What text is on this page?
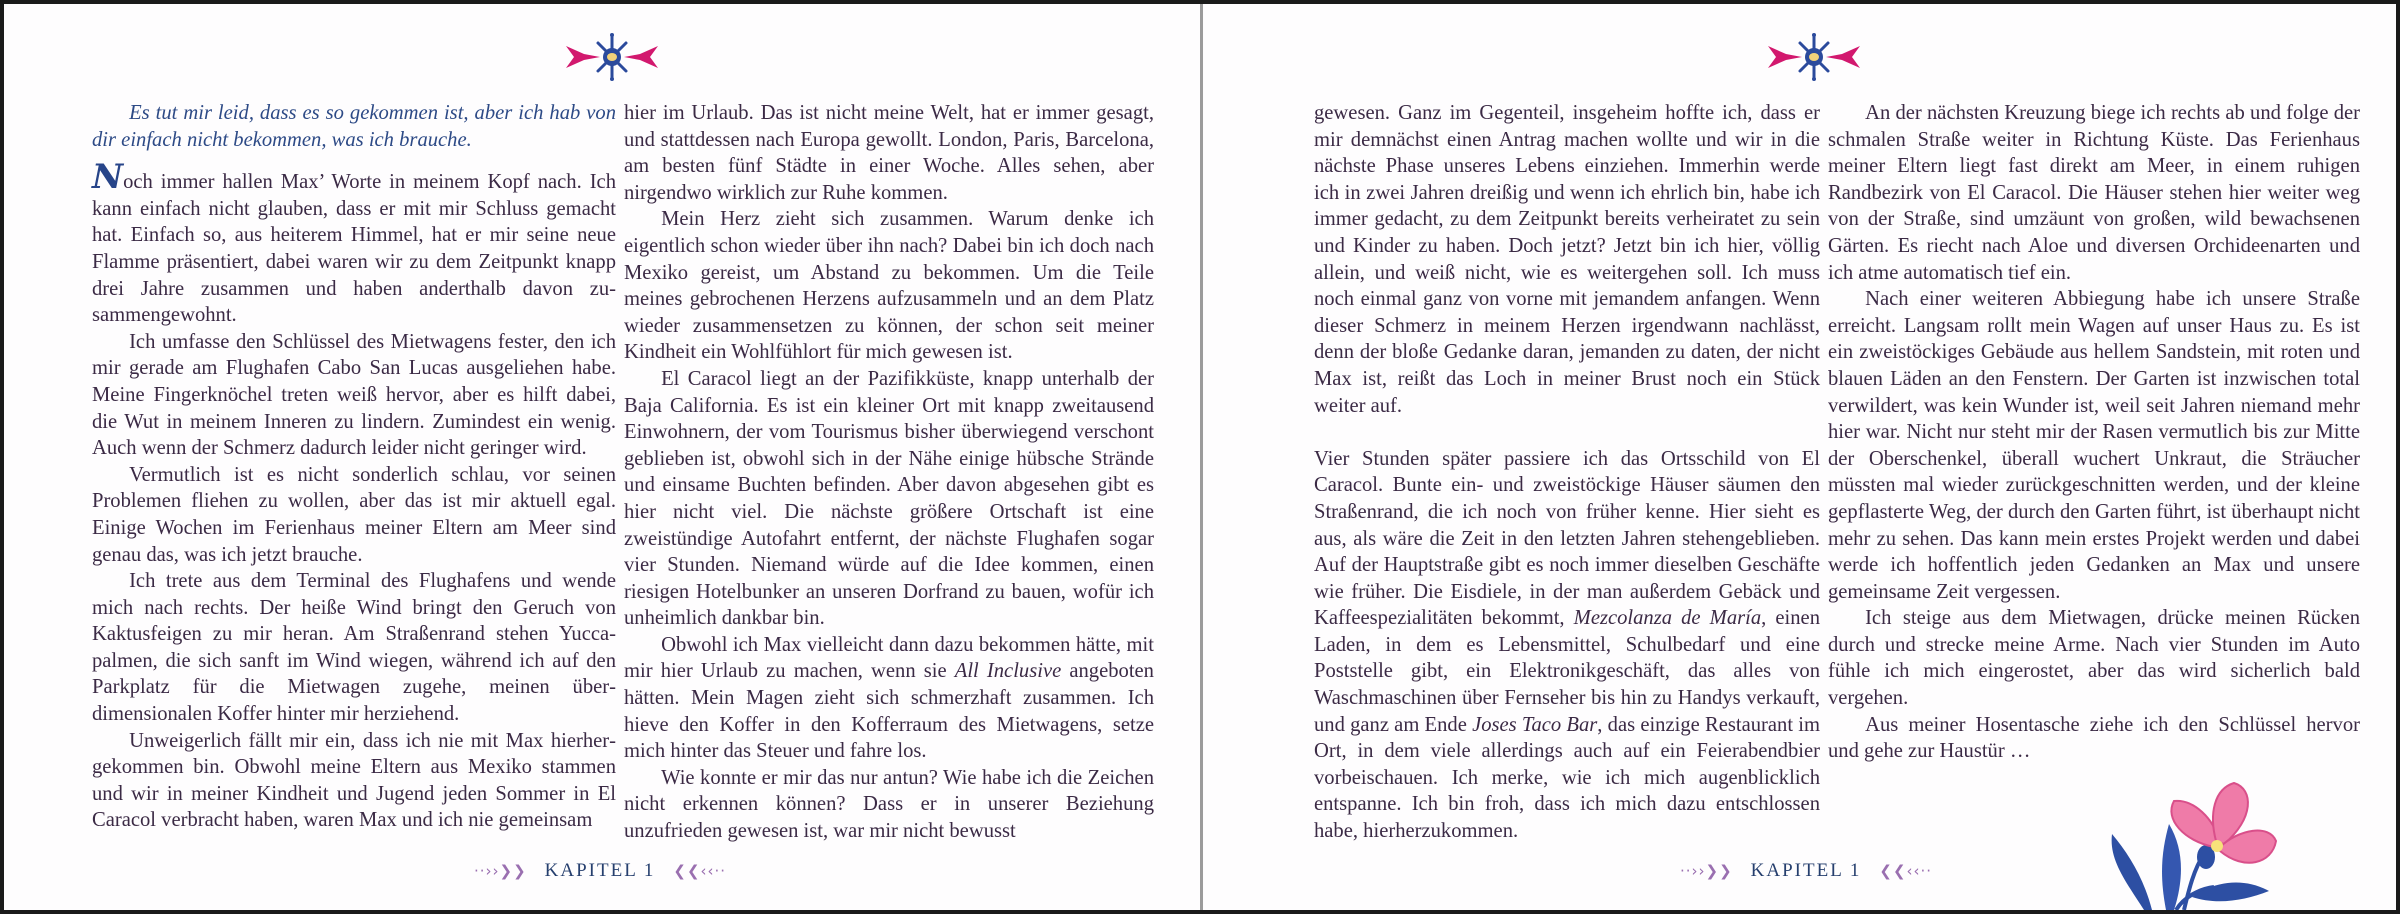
Es tut mir leid, dass es so gekommen ist, aber ich hab von dir einfach nicht bekommen, was ich brauche.

Noch immer hallen Max’ Worte in meinem Kopf nach. Ich kann einfach nicht glauben, dass er mit mir Schluss gemacht hat. Einfach so, aus heiterem Himmel, hat er mir seine neue Flamme präsentiert, dabei waren wir zu dem Zeitpunkt knapp drei Jahre zusammen und haben anderthalb davon zusammengewohnt.

Ich umfasse den Schlüssel des Mietwagens fester, den ich mir gerade am Flughafen Cabo San Lucas ausgeliehen habe. Meine Fingerknöchel treten weiß hervor, aber es hilft dabei, die Wut in meinem Inneren zu lindern. Zumindest ein wenig. Auch wenn der Schmerz dadurch leider nicht geringer wird.

Vermutlich ist es nicht sonderlich schlau, vor seinen Problemen fliehen zu wollen, aber das ist mir aktuell egal. Einige Wochen im Ferienhaus meiner Eltern am Meer sind genau das, was ich jetzt brauche.

Ich trete aus dem Terminal des Flughafens und wende mich nach rechts. Der heiße Wind bringt den Geruch von Kaktusfeigen zu mir heran. Am Straßenrand stehen Yuccapalmen, die sich sanft im Wind wiegen, während ich auf den Parkplatz für die Mietwagen zugehe, meinen überdimensionalen Koffer hinter mir herziehend.

Unweigerlich fällt mir ein, dass ich nie mit Max hierhergekommen bin. Obwohl meine Eltern aus Mexiko stammen und wir in meiner Kindheit und Jugend jeden Sommer in El Caracol verbracht haben, waren Max und ich nie gemeinsam

hier im Urlaub. Das ist nicht meine Welt, hat er immer gesagt, und stattdessen nach Europa gewollt. London, Paris, Barcelona, am besten fünf Städte in einer Woche. Alles sehen, aber nirgendwo wirklich zur Ruhe kommen.

Mein Herz zieht sich zusammen. Warum denke ich eigentlich schon wieder über ihn nach? Dabei bin ich doch nach Mexiko gereist, um Abstand zu bekommen. Um die Teile meines gebrochenen Herzens aufzusammeln und an dem Platz wieder zusammensetzen zu können, der schon seit meiner Kindheit ein Wohlfühlort für mich gewesen ist.

El Caracol liegt an der Pazifikküste, knapp unterhalb der Baja California. Es ist ein kleiner Ort mit knapp zweitausend Einwohnern, der vom Tourismus bisher überwiegend verschont geblieben ist, obwohl sich in der Nähe einige hübsche Strände und einsame Buchten befinden. Aber davon abgesehen gibt es hier nicht viel. Die nächste größere Ortschaft ist eine zweistündige Autofahrt entfernt, der nächste Flughafen sogar vier Stunden. Niemand würde auf die Idee kommen, einen riesigen Hotelbunker an unseren Dorfrand zu bauen, wofür ich unheimlich dankbar bin.

Obwohl ich Max vielleicht dann dazu bekommen hätte, mit mir hier Urlaub zu machen, wenn sie All Inclusive angeboten hätten. Mein Magen zieht sich schmerzhaft zusammen. Ich hieve den Koffer in den Kofferraum des Mietwagens, setze mich hinter das Steuer und fahre los.

Wie konnte er mir das nur antun? Wie habe ich die Zeichen nicht erkennen können? Dass er in unserer Beziehung unzufrieden gewesen ist, war mir nicht bewusst

··››❯❯ KAPITEL 1 ❮❮‹‹··

gewesen. Ganz im Gegenteil, insgeheim hoffte ich, dass er mir demnächst einen Antrag machen wollte und wir in die nächste Phase unseres Lebens einziehen. Immerhin werde ich in zwei Jahren dreißig und wenn ich ehrlich bin, habe ich immer gedacht, zu dem Zeitpunkt bereits verheiratet zu sein und Kinder zu haben. Doch jetzt? Jetzt bin ich hier, völlig allein, und weiß nicht, wie es weitergehen soll. Ich muss noch einmal ganz von vorne mit jemandem anfangen. Wenn dieser Schmerz in meinem Herzen irgendwann nachlässt, denn der bloße Gedanke daran, jemanden zu daten, der nicht Max ist, reißt das Loch in meiner Brust noch ein Stück weiter auf.

Vier Stunden später passiere ich das Ortsschild von El Caracol. Bunte ein- und zweistöckige Häuser säumen den Straßenrand, die ich noch von früher kenne. Hier sieht es aus, als wäre die Zeit in den letzten Jahren stehengeblieben. Auf der Hauptstraße gibt es noch immer dieselben Geschäfte wie früher. Die Eisdiele, in der man außerdem Gebäck und Kaffeespezialitäten bekommt, Mezcolanza de María, einen Laden, in dem es Lebensmittel, Schulbedarf und eine Poststelle gibt, ein Elektronikgeschäft, das alles von Waschmaschinen über Fernseher bis hin zu Handys verkauft, und ganz am Ende Joses Taco Bar, das einzige Restaurant im Ort, in dem viele allerdings auch auf ein Feierabendbier vorbeischauen. Ich merke, wie ich mich augenblicklich entspanne. Ich bin froh, dass ich mich dazu entschlossen habe, hierherzukommen.

An der nächsten Kreuzung biege ich rechts ab und folge der schmalen Straße weiter in Richtung Küste. Das Ferienhaus meiner Eltern liegt fast direkt am Meer, in einem ruhigen Randbezirk von El Caracol. Die Häuser stehen hier weiter weg von der Straße, sind umzäunt von großen, wild bewachsenen Gärten. Es riecht nach Aloe und diversen Orchideenarten und ich atme automatisch tief ein.

Nach einer weiteren Abbiegung habe ich unsere Straße erreicht. Langsam rollt mein Wagen auf unser Haus zu. Es ist ein zweistöckiges Gebäude aus hellem Sandstein, mit roten und blauen Läden an den Fenstern. Der Garten ist inzwischen total verwildert, was kein Wunder ist, weil seit Jahren niemand mehr hier war. Nicht nur steht mir der Rasen vermutlich bis zur Mitte der Oberschenkel, überall wuchert Unkraut, die Sträucher müssten mal wieder zurückgeschnitten werden, und der kleine gepflasterte Weg, der durch den Garten führt, ist überhaupt nicht mehr zu sehen. Das kann mein erstes Projekt werden und dabei werde ich hoffentlich jeden Gedanken an Max und unsere gemeinsame Zeit vergessen.

Ich steige aus dem Mietwagen, drücke meinen Rücken durch und strecke meine Arme. Nach vier Stunden im Auto fühle ich mich eingerostet, aber das wird sicherlich bald vergehen.

Aus meiner Hosentasche ziehe ich den Schlüssel hervor und gehe zur Haustür …

··››❯❯ KAPITEL 1 ❮❮‹‹··
